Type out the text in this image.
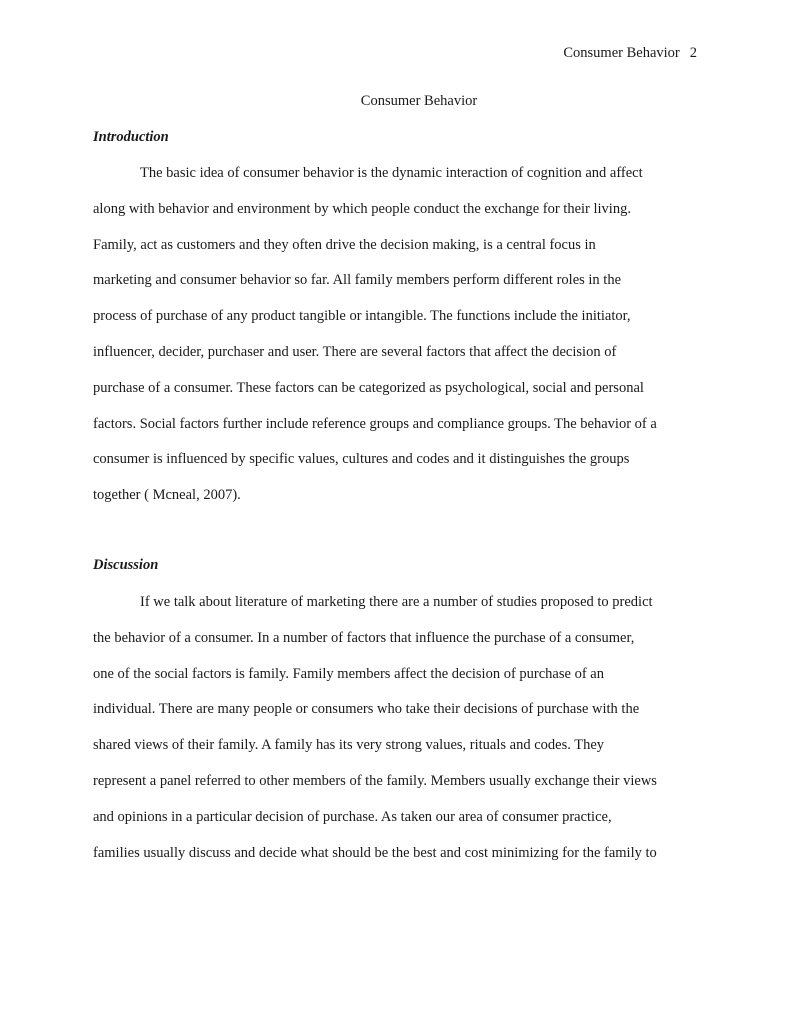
Consumer Behavior 2
Consumer Behavior
Introduction
The basic idea of consumer behavior is the dynamic interaction of cognition and affect
along with behavior and environment by which people conduct the exchange for their living.
Family, act as customers and they often drive the decision making, is a central focus in
marketing and consumer behavior so far. All family members perform different roles in the
process of purchase of any product tangible or intangible. The functions include the initiator,
influencer, decider, purchaser and user. There are several factors that affect the decision of
purchase of a consumer. These factors can be categorized as psychological, social and personal
factors. Social factors further include reference groups and compliance groups. The behavior of a
consumer is influenced by specific values, cultures and codes and it distinguishes the groups
together ( Mcneal, 2007).
Discussion
If we talk about literature of marketing there are a number of studies proposed to predict
the behavior of a consumer. In a number of factors that influence the purchase of a consumer,
one of the social factors is family. Family members affect the decision of purchase of an
individual. There are many people or consumers who take their decisions of purchase with the
shared views of their family. A family has its very strong values, rituals and codes. They
represent a panel referred to other members of the family. Members usually exchange their views
and opinions in a particular decision of purchase. As taken our area of consumer practice,
families usually discuss and decide what should be the best and cost minimizing for the family to
